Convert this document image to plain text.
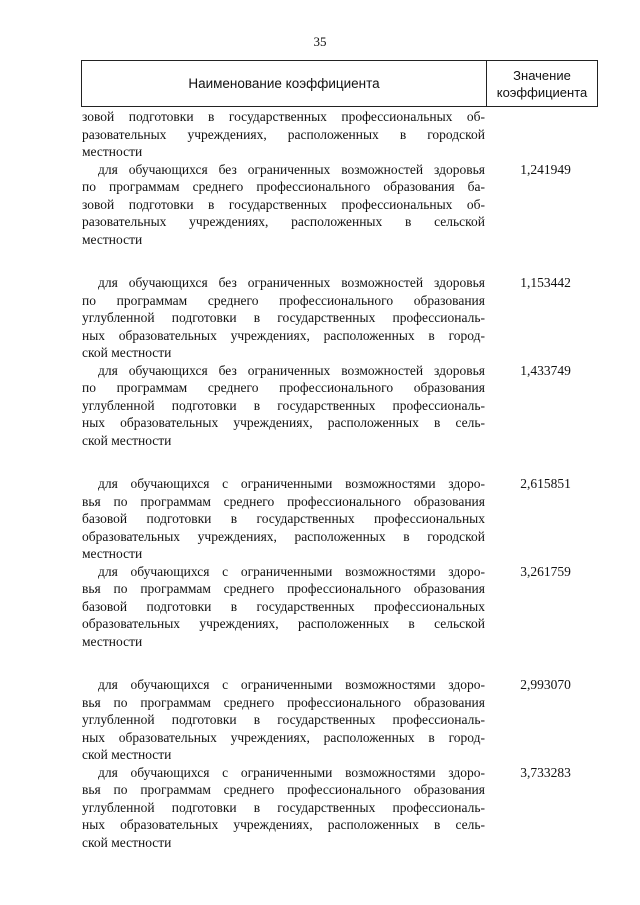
35
Наименование коэффициента
Значение
коэффициента
зовой подготовки в государственных профессиональных об-
разовательных учреждениях, расположенных в городской
местности
для обучающихся без ограниченных возможностей здоровья
по программам среднего профессионального образования ба-
зовой подготовки в государственных профессиональных об-
разовательных учреждениях, расположенных в сельской
местности
1,241949
для обучающихся без ограниченных возможностей здоровья
по программам среднего профессионального образования
углубленной подготовки в государственных профессиональ-
ных образовательных учреждениях, расположенных в город-
ской местности
1,153442
для обучающихся без ограниченных возможностей здоровья
по программам среднего профессионального образования
углубленной подготовки в государственных профессиональ-
ных образовательных учреждениях, расположенных в сель-
ской местности
1,433749
для обучающихся с ограниченными возможностями здоро-
вья по программам среднего профессионального образования
базовой подготовки в государственных профессиональных
образовательных учреждениях, расположенных в городской
местности
2,615851
для обучающихся с ограниченными возможностями здоро-
вья по программам среднего профессионального образования
базовой подготовки в государственных профессиональных
образовательных учреждениях, расположенных в сельской
местности
3,261759
для обучающихся с ограниченными возможностями здоро-
вья по программам среднего профессионального образования
углубленной подготовки в государственных профессиональ-
ных образовательных учреждениях, расположенных в город-
ской местности
2,993070
для обучающихся с ограниченными возможностями здоро-
вья по программам среднего профессионального образования
углубленной подготовки в государственных профессиональ-
ных образовательных учреждениях, расположенных в сель-
ской местности
3,733283
